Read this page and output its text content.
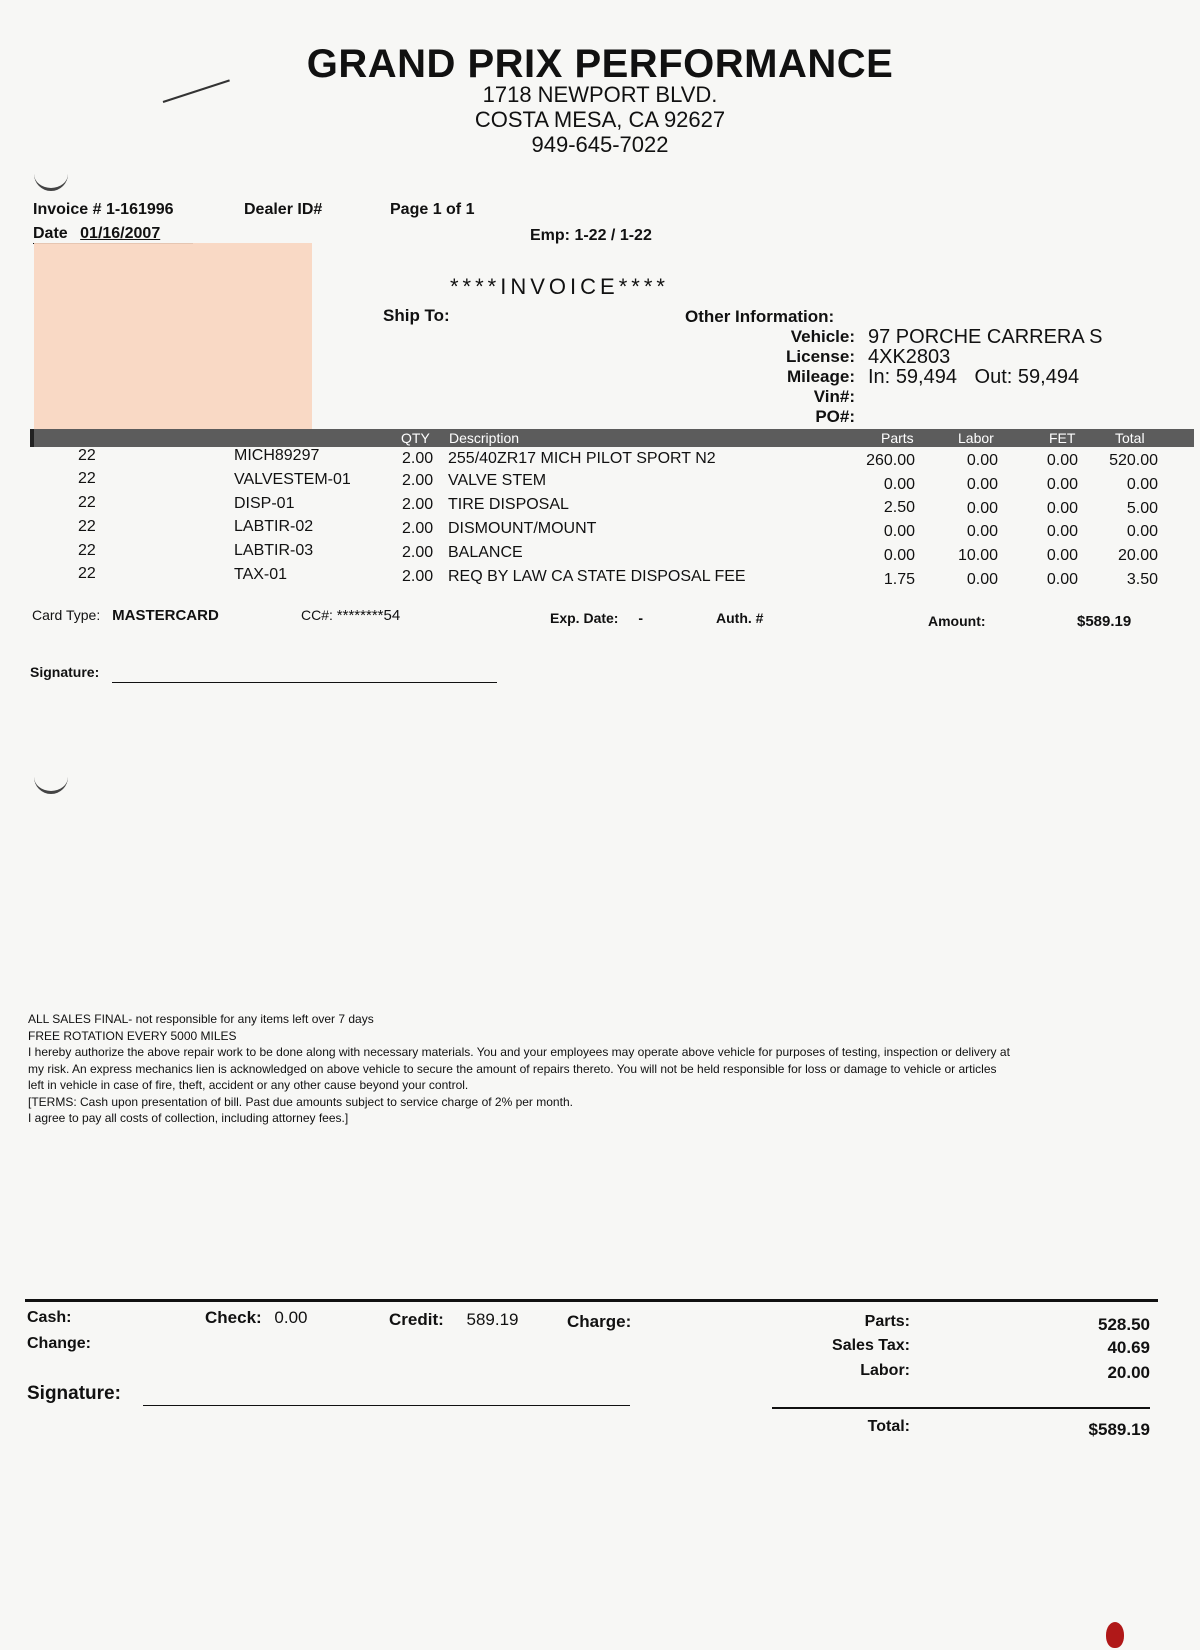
GRAND PRIX PERFORMANCE
1718 NEWPORT BLVD.
COSTA MESA, CA 92627
949-645-7022
Invoice # 1-161996	Dealer ID#	Page 1 of 1
Date 01/16/2007	Emp: 1-22 / 1-22
****INVOICE****
Ship To:	Other Information:
Vehicle: 97 PORCHE CARRERA S
License: 4XK2803
Mileage: In: 59,494 Out: 59,494
Vin#:
PO#:
QTY Description	Parts	Labor	FET	Total
22	MICH89297	2.00 255/40ZR17 MICH PILOT SPORT N2	260.00	0.00	0.00	520.00
22	VALVESTEM-01	2.00 VALVE STEM	0.00	0.00	0.00	0.00
22	DISP-01	2.00 TIRE DISPOSAL	2.50	0.00	0.00	5.00
22	LABTIR-02	2.00 DISMOUNT/MOUNT	0.00	0.00	0.00	0.00
22	LABTIR-03	2.00 BALANCE	0.00	10.00	0.00	20.00
22	TAX-01	2.00 REQ BY LAW CA STATE DISPOSAL FEE	1.75	0.00	0.00	3.50
Card Type: MASTERCARD	CC#: ********54	Exp. Date: -	Auth. #	Amount:	$589.19
Signature:
ALL SALES FINAL- not responsible for any items left over 7 days
FREE ROTATION EVERY 5000 MILES
I hereby authorize the above repair work to be done along with necessary materials. You and your employees may operate above vehicle for purposes of testing, inspection or delivery at
my risk. An express mechanics lien is acknowledged on above vehicle to secure the amount of repairs thereto. You will not be held responsible for loss or damage to vehicle or articles
left in vehicle in case of fire, theft, accident or any other cause beyond your control.
[TERMS: Cash upon presentation of bill. Past due amounts subject to service charge of 2% per month.
I agree to pay all costs of collection, including attorney fees.]
Cash:
Change:
Check: 0.00	Credit: 589.19	Charge:	Parts:	528.50
Sales Tax:	40.69
Labor:	20.00
Signature:
Total:	$589.19
